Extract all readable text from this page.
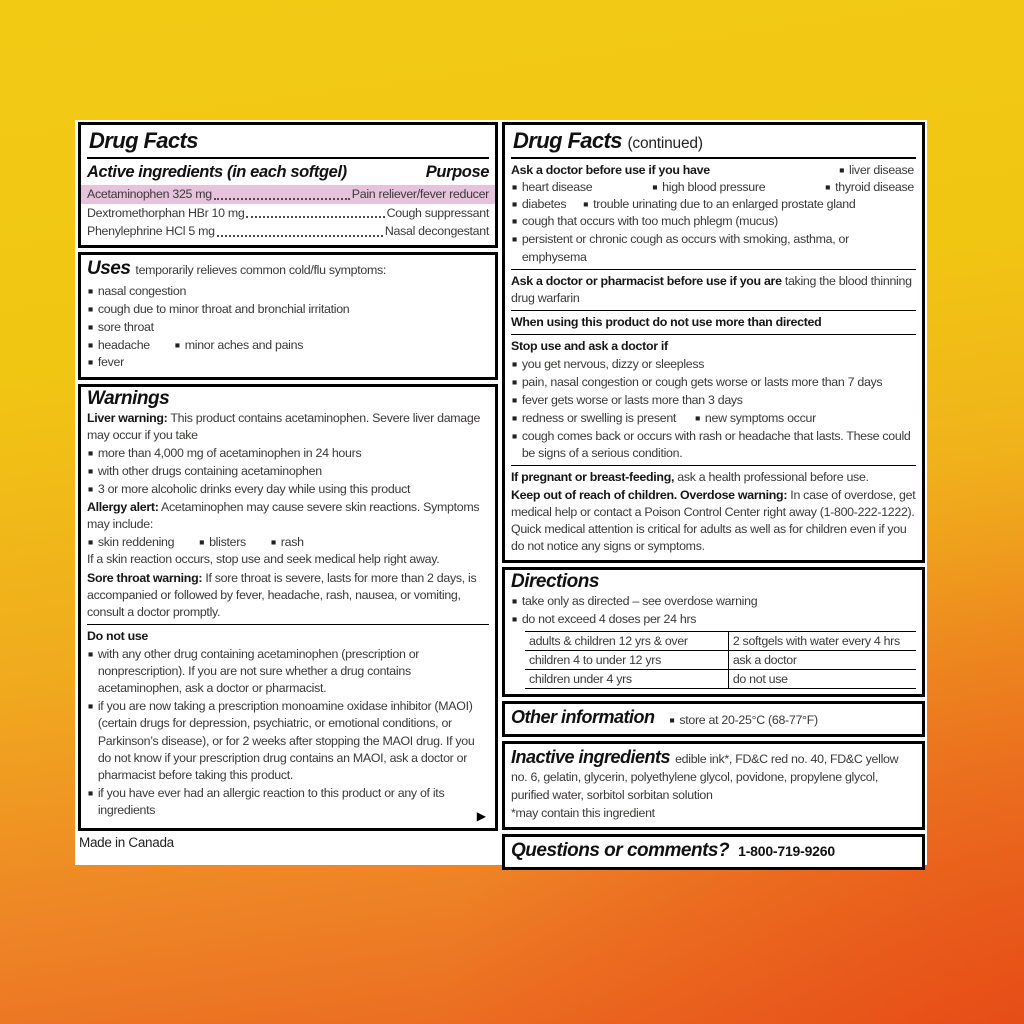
Drug Facts
Active ingredients (in each softgel)	Purpose
Acetaminophen 325 mg	Pain reliever/fever reducer
Dextromethorphan HBr 10 mg	Cough suppressant
Phenylephrine HCl 5 mg	Nasal decongestant

Uses temporarily relieves common cold/flu symptoms:

■ nasal congestion
■ cough due to minor throat and bronchial irritation
■ sore throat
■ headache	■ minor aches and pains
■ fever
Warnings

Liver warning: This product contains acetaminophen. Severe liver damage may occur if you take

■ more than 4,000 mg of acetaminophen in 24 hours
■ with other drugs containing acetaminophen
■ 3 or more alcoholic drinks every day while using this product

Allergy alert: Acetaminophen may cause severe skin reactions. Symptoms may include:

■ skin reddening	■ blisters	■ rash

If a skin reaction occurs, stop use and seek medical help right away.

Sore throat warning: If sore throat is severe, lasts for more than 2 days, is accompanied or followed by fever, headache, rash, nausea, or vomiting, consult a doctor promptly.

Do not use

■ with any other drug containing acetaminophen (prescription or nonprescription). If you are not sure whether a drug contains acetaminophen, ask a doctor or pharmacist.
■ if you are now taking a prescription monoamine oxidase inhibitor (MAOI) (certain drugs for depression, psychiatric, or emotional conditions, or Parkinson’s disease), or for 2 weeks after stopping the MAOI drug. If you do not know if your prescription drug contains an MAOI, ask a doctor or pharmacist before taking this product.
■ if you have ever had an allergic reaction to this product or any of its ingredients	▶
Made in Canada
Drug Facts (continued)
Ask a doctor before use if you have	■ liver disease
■ heart disease	■ high blood pressure	■ thyroid disease
■ diabetes ■ trouble urinating due to an enlarged prostate gland
■ cough that occurs with too much phlegm (mucus)
■ persistent or chronic cough as occurs with smoking, asthma, or emphysema

Ask a doctor or pharmacist before use if you are taking the blood thinning drug warfarin

When using this product do not use more than directed

Stop use and ask a doctor if

■ you get nervous, dizzy or sleepless
■ pain, nasal congestion or cough gets worse or lasts more than 7 days
■ fever gets worse or lasts more than 3 days
■ redness or swelling is present ■ new symptoms occur
■ cough comes back or occurs with rash or headache that lasts. These could be signs of a serious condition.

If pregnant or breast-feeding, ask a health professional before use.

Keep out of reach of children. Overdose warning: In case of overdose, get medical help or contact a Poison Control Center right away (1-800-222-1222). Quick medical attention is critical for adults as well as for children even if you do not notice any signs or symptoms.

Directions
■ take only as directed – see overdose warning
■ do not exceed 4 doses per 24 hrs
adults & children 12 yrs & over	2 softgels with water every 4 hrs
children 4 to under 12 yrs	ask a doctor
children under 4 yrs	do not use
Other information ■ store at 20-25°C (68-77°F)

Inactive ingredients edible ink*, FD&C red no. 40, FD&C yellow no. 6, gelatin, glycerin, polyethylene glycol, povidone, propylene glycol, purified water, sorbitol sorbitan solution

*may contain this ingredient

Questions or comments? 1-800-719-9260
